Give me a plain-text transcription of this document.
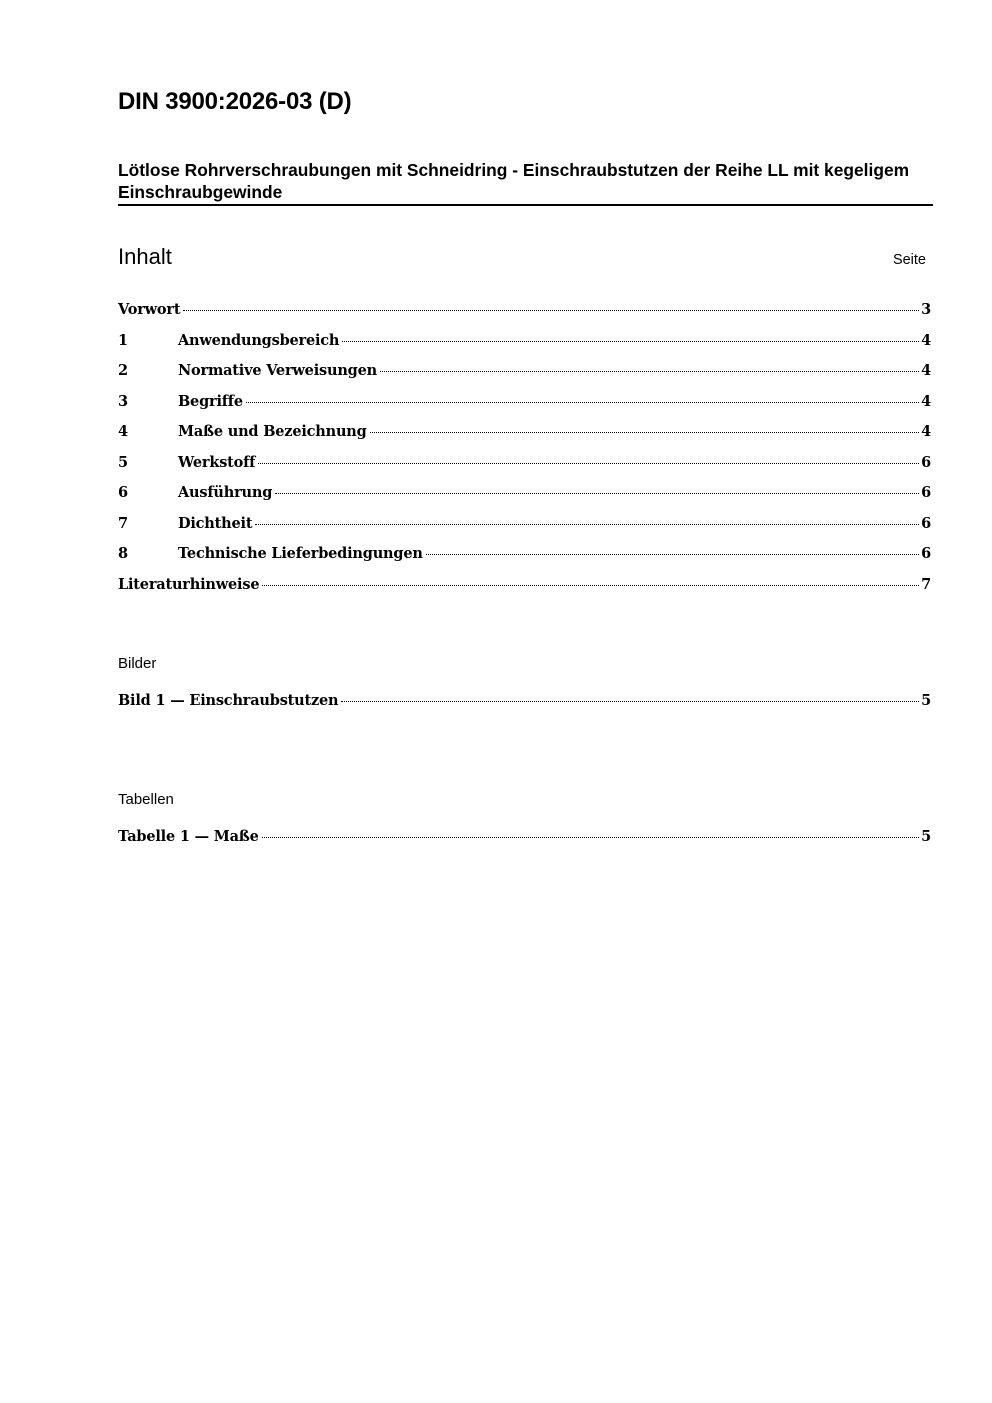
DIN 3900:2026-03 (D)
Lötlose Rohrverschraubungen mit Schneidring - Einschraubstutzen der Reihe LL mit kegeligem Einschraubgewinde
Inhalt	Seite
Vorwort	3
1	Anwendungsbereich	4
2	Normative Verweisungen	4
3	Begriffe	4
4	Maße und Bezeichnung	4
5	Werkstoff	6
6	Ausführung	6
7	Dichtheit	6
8	Technische Lieferbedingungen	6
Literaturhinweise	7

Bilder

Bild 1 — Einschraubstutzen	5

Tabellen

Tabelle 1 — Maße	5
